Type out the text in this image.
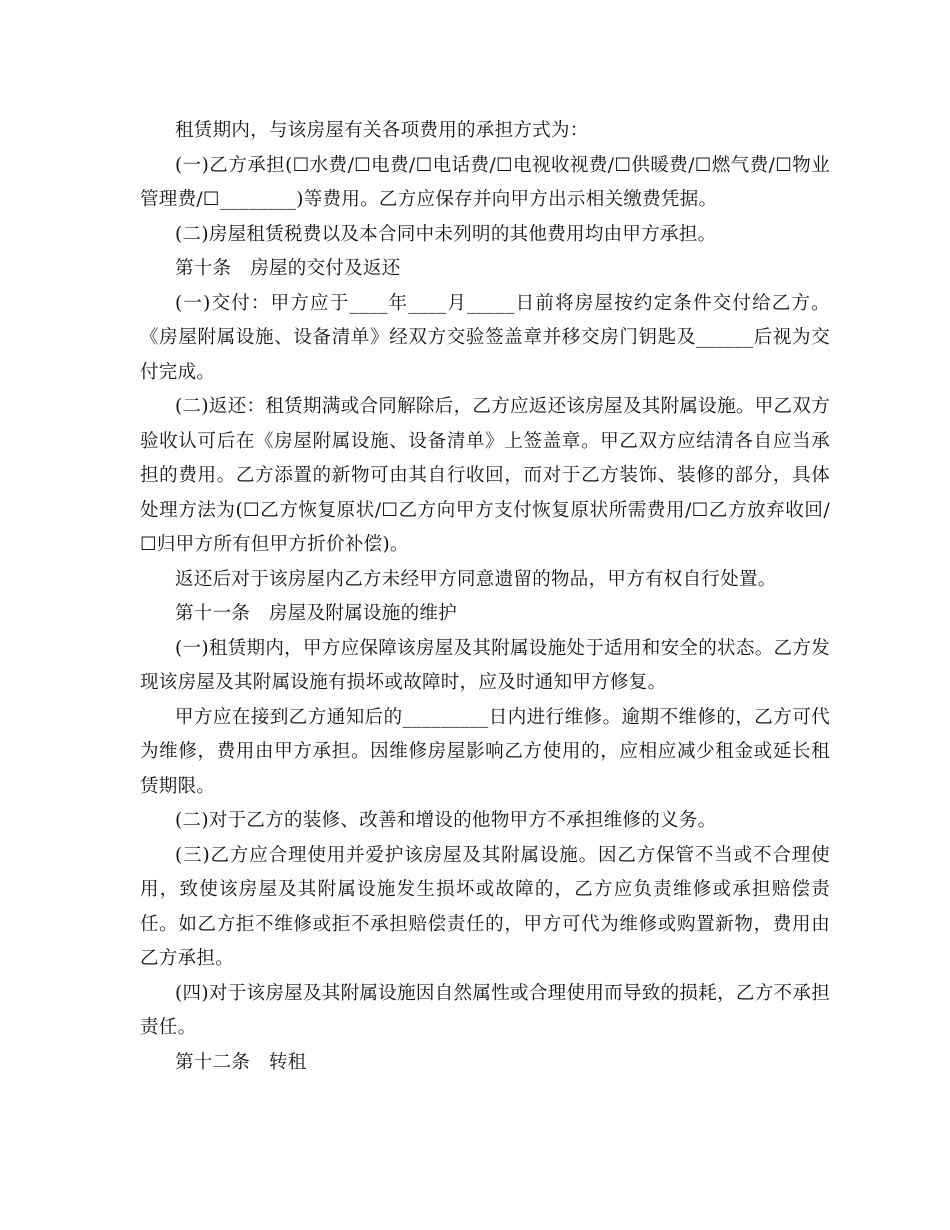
租赁期内，与该房屋有关各项费用的承担方式为：

(一)乙方承担(☐水费/☐电费/☐电话费/☐电视收视费/☐供暖费/☐燃气费/☐物业管理费/☐________)等费用。乙方应保存并向甲方出示相关缴费凭据。

(二)房屋租赁税费以及本合同中未列明的其他费用均由甲方承担。

第十条　房屋的交付及返还

(一)交付：甲方应于____年____月_____日前将房屋按约定条件交付给乙方。《房屋附属设施、设备清单》经双方交验签盖章并移交房门钥匙及______后视为交付完成。

(二)返还：租赁期满或合同解除后，乙方应返还该房屋及其附属设施。甲乙双方验收认可后在《房屋附属设施、设备清单》上签盖章。甲乙双方应结清各自应当承担的费用。乙方添置的新物可由其自行收回，而对于乙方装饰、装修的部分，具体处理方法为(☐乙方恢复原状/☐乙方向甲方支付恢复原状所需费用/☐乙方放弃收回/☐归甲方所有但甲方折价补偿)。

返还后对于该房屋内乙方未经甲方同意遗留的物品，甲方有权自行处置。

第十一条　房屋及附属设施的维护

(一)租赁期内，甲方应保障该房屋及其附属设施处于适用和安全的状态。乙方发现该房屋及其附属设施有损坏或故障时，应及时通知甲方修复。

甲方应在接到乙方通知后的_________日内进行维修。逾期不维修的，乙方可代为维修，费用由甲方承担。因维修房屋影响乙方使用的，应相应减少租金或延长租赁期限。

(二)对于乙方的装修、改善和增设的他物甲方不承担维修的义务。

(三)乙方应合理使用并爱护该房屋及其附属设施。因乙方保管不当或不合理使用，致使该房屋及其附属设施发生损坏或故障的，乙方应负责维修或承担赔偿责任。如乙方拒不维修或拒不承担赔偿责任的，甲方可代为维修或购置新物，费用由乙方承担。

(四)对于该房屋及其附属设施因自然属性或合理使用而导致的损耗，乙方不承担责任。

第十二条　转租
